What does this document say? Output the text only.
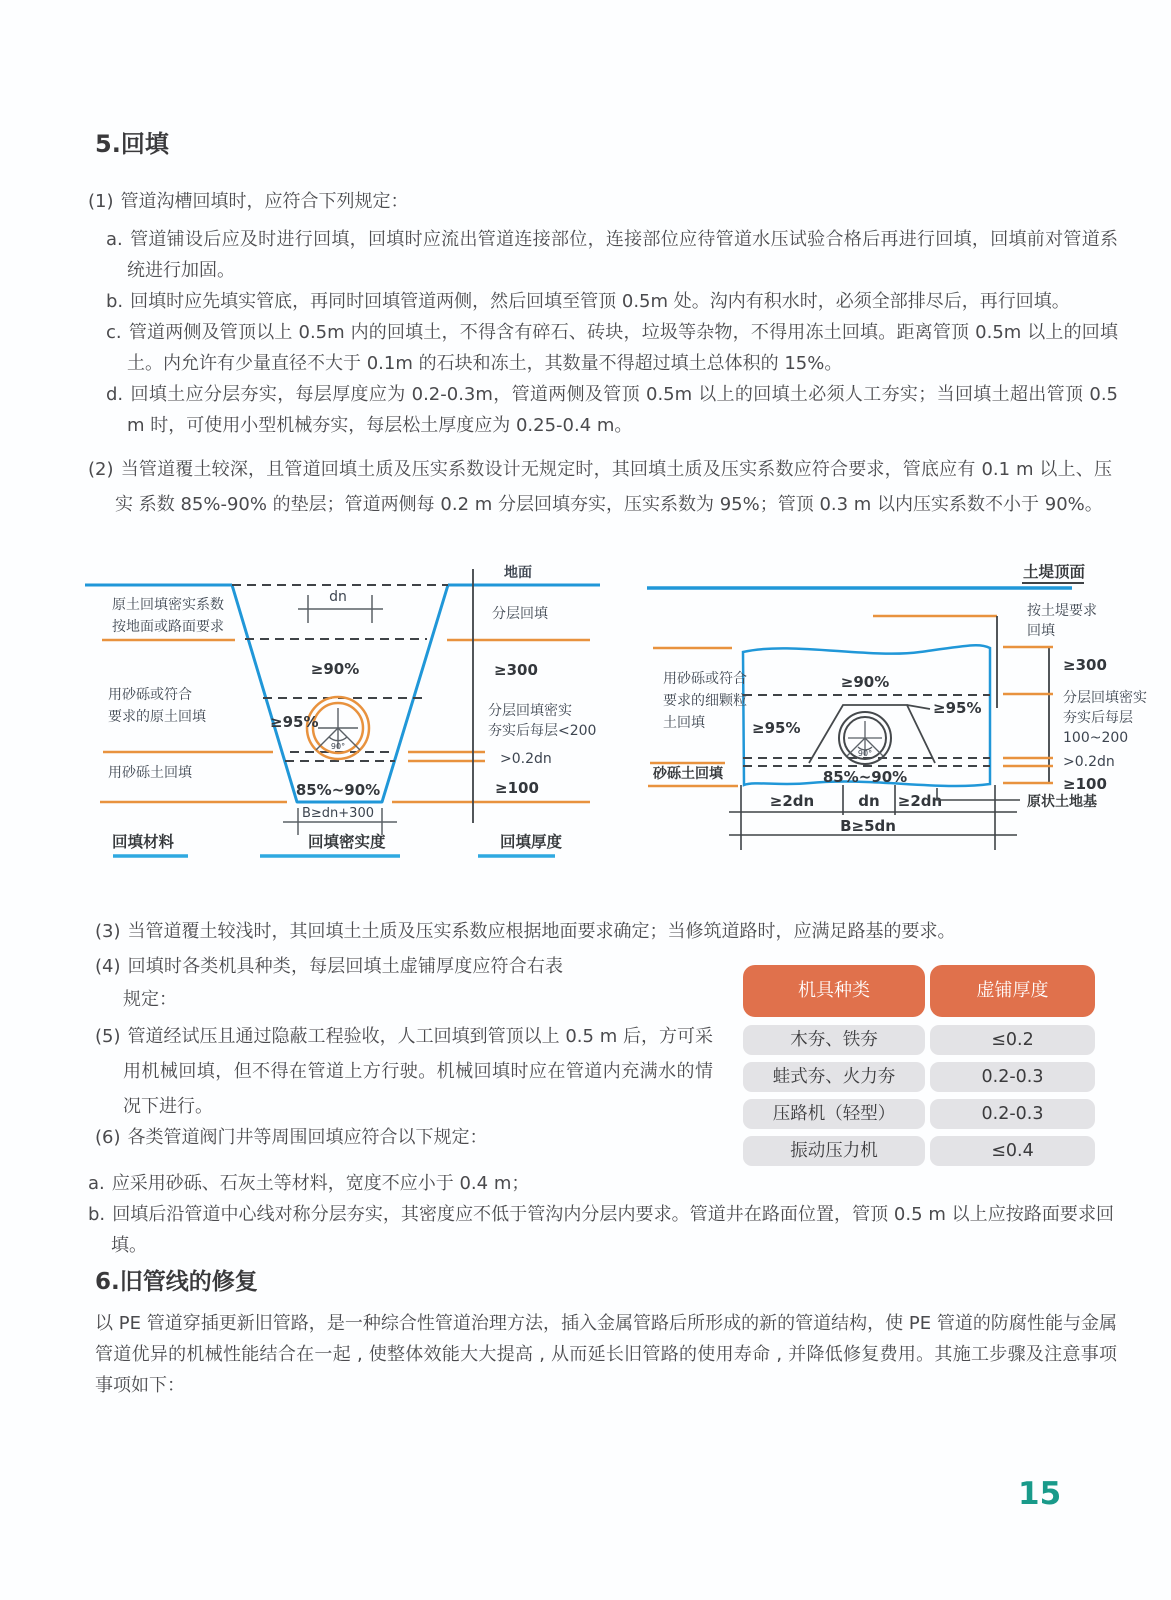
5.回填

(1) 管道沟槽回填时，应符合下列规定：

a. 管道铺设后应及时进行回填，回填时应流出管道连接部位，连接部位应待管道水压试验合格后再进行回填，回填前对管道系统进行加固。

b. 回填时应先填实管底，再同时回填管道两侧，然后回填至管顶 0.5m 处。沟内有积水时，必须全部排尽后，再行回填。

c. 管道两侧及管顶以上 0.5m 内的回填土，不得含有碎石、砖块，垃圾等杂物，不得用冻土回填。距离管顶 0.5m 以上的回填土。内允许有少量直径不大于 0.1m 的石块和冻土，其数量不得超过填土总体积的 15%。

d. 回填土应分层夯实，每层厚度应为 0.2-0.3m，管道两侧及管顶 0.5m 以上的回填土必须人工夯实；当回填土超出管顶 0.5 m 时，可使用小型机械夯实，每层松土厚度应为 0.25-0.4 m。

(2) 当管道覆土较深，且管道回填土质及压实系数设计无规定时，其回填土质及压实系数应符合要求，管底应有 0.1 m 以上、压实 系数 85%-90% 的垫层；管道两侧每 0.2 m 分层回填夯实，压实系数为 95%；管顶 0.3 m 以内压实系数不小于 90%。

dn
90°
B≥dn+300
地面
原土回填密实系数
按地面或路面要求
分层回填
≥90%	≥300
用砂砾或符合
要求的原土回填	≥95%
分层回填密实
夯实后每层<200
>0.2dn
用砂砾土回填
85%~90%	≥100
回填材料	回填密实度	回填厚度
土堤顶面
按土堤要求
回填
90°
用砂砾或符合
要求的细颗粒
土回填
砂砾土回填
≥90%
≥95%
≥95%
85%~90%
≥300
分层回填密实
夯实后每层
100~200
>0.2dn
≥100
≥2dn	dn ≥2dn
B≥5dn
原状土地基

(3) 当管道覆土较浅时，其回填土土质及压实系数应根据地面要求确定；当修筑道路时，应满足路基的要求。

(4) 回填时各类机具种类，每层回填土虚铺厚度应符合右表规定：

(5) 管道经试压且通过隐蔽工程验收，人工回填到管顶以上 0.5 m 后，方可采用机械回填，但不得在管道上方行驶。机械回填时应在管道内充满水的情况下进行。

(6) 各类管道阀门井等周围回填应符合以下规定：

机具种类	虚铺厚度
木夯、铁夯	≤0.2
蛙式夯、火力夯	0.2-0.3
压路机（轻型）	0.2-0.3
振动压力机	≤0.4

a. 应采用砂砾、石灰土等材料，宽度不应小于 0.4 m；

b. 回填后沿管道中心线对称分层夯实，其密度应不低于管沟内分层内要求。管道井在路面位置，管顶 0.5 m 以上应按路面要求回填。

6.旧管线的修复

以 PE 管道穿插更新旧管路，是一种综合性管道治理方法，插入金属管路后所形成的新的管道结构，使 PE 管道的防腐性能与金属管道优异的机械性能结合在一起 , 使整体效能大大提高 , 从而延长旧管路的使用寿命 , 并降低修复费用。其施工步骤及注意事项事项如下：

15
